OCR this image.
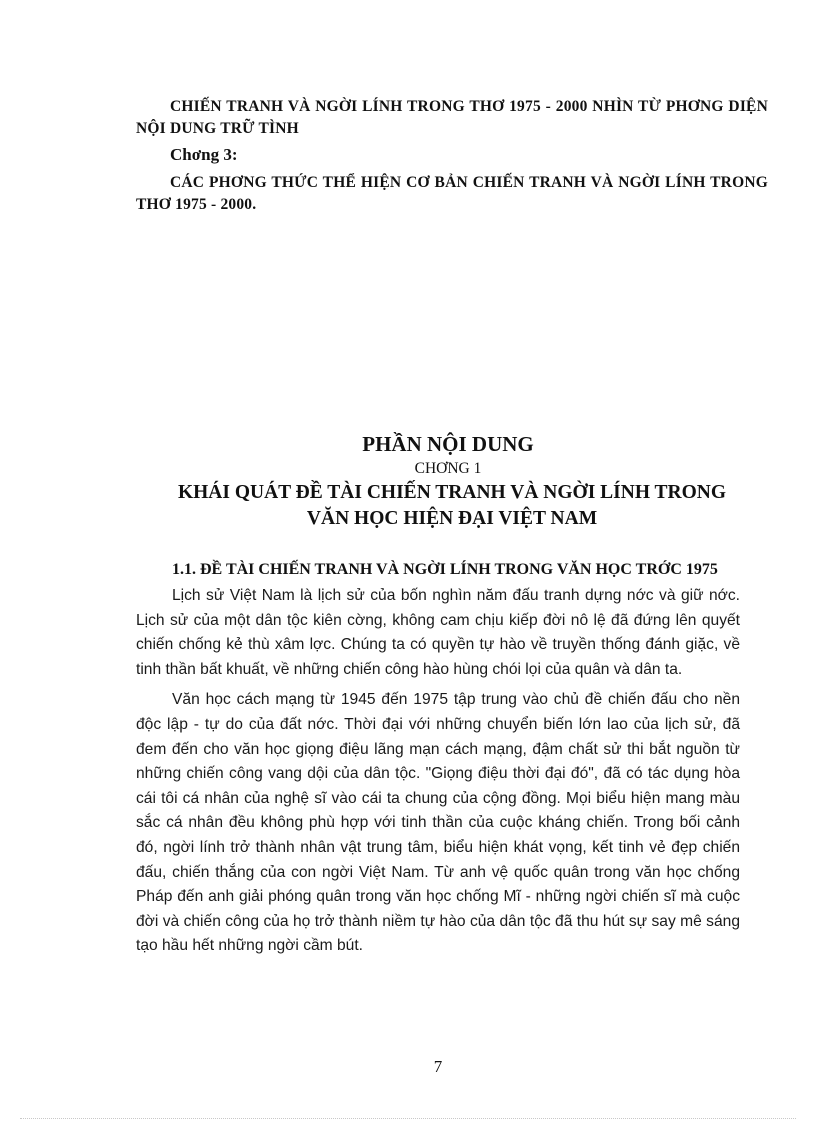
CHIẾN TRANH VÀ NGỜI LÍNH TRONG THƠ 1975 - 2000 NHÌN TỪ PHƠNG DIỆN NỘI DUNG TRỮ TÌNH
Chơng 3:
CÁC PHƠNG THỨC THỂ HIỆN CƠ BẢN CHIẾN TRANH VÀ NGỜI LÍNH TRONG THƠ 1975 - 2000.
PHẦN NỘI DUNG
CHƠNG 1
KHÁI QUÁT ĐỀ TÀI CHIẾN TRANH VÀ NGỜI LÍNH TRONG
VĂN HỌC HIỆN ĐẠI VIỆT NAM
1.1. ĐỀ TÀI CHIẾN TRANH VÀ NGỜI LÍNH TRONG VĂN HỌC TRỚC 1975

Lịch sử Việt Nam là lịch sử của bốn nghìn năm đấu tranh dựng nớc và giữ nớc. Lịch sử của một dân tộc kiên cờng, không cam chịu kiếp đời nô lệ đã đứng lên quyết chiến chống kẻ thù xâm lợc. Chúng ta có quyền tự hào về truyền thống đánh giặc, về tinh thần bất khuất, về những chiến công hào hùng chói lọi của quân và dân ta.

Văn học cách mạng từ 1945 đến 1975 tập trung vào chủ đề chiến đấu cho nền độc lập - tự do của đất nớc. Thời đại với những chuyển biến lớn lao của lịch sử, đã đem đến cho văn học giọng điệu lãng mạn cách mạng, đậm chất sử thi bắt nguồn từ những chiến công vang dội của dân tộc. "Giọng điệu thời đại đó", đã có tác dụng hòa cái tôi cá nhân của nghệ sĩ vào cái ta chung của cộng đồng. Mọi biểu hiện mang màu sắc cá nhân đều không phù hợp với tinh thần của cuộc kháng chiến. Trong bối cảnh đó, ngời lính trở thành nhân vật trung tâm, biểu hiện khát vọng, kết tinh vẻ đẹp chiến đấu, chiến thắng của con ngời Việt Nam. Từ anh vệ quốc quân trong văn học chống Pháp đến anh giải phóng quân trong văn học chống Mĩ - những ngời chiến sĩ mà cuộc đời và chiến công của họ trở thành niềm tự hào của dân tộc đã thu hút sự say mê sáng tạo hầu hết những ngời cầm bút.

7
